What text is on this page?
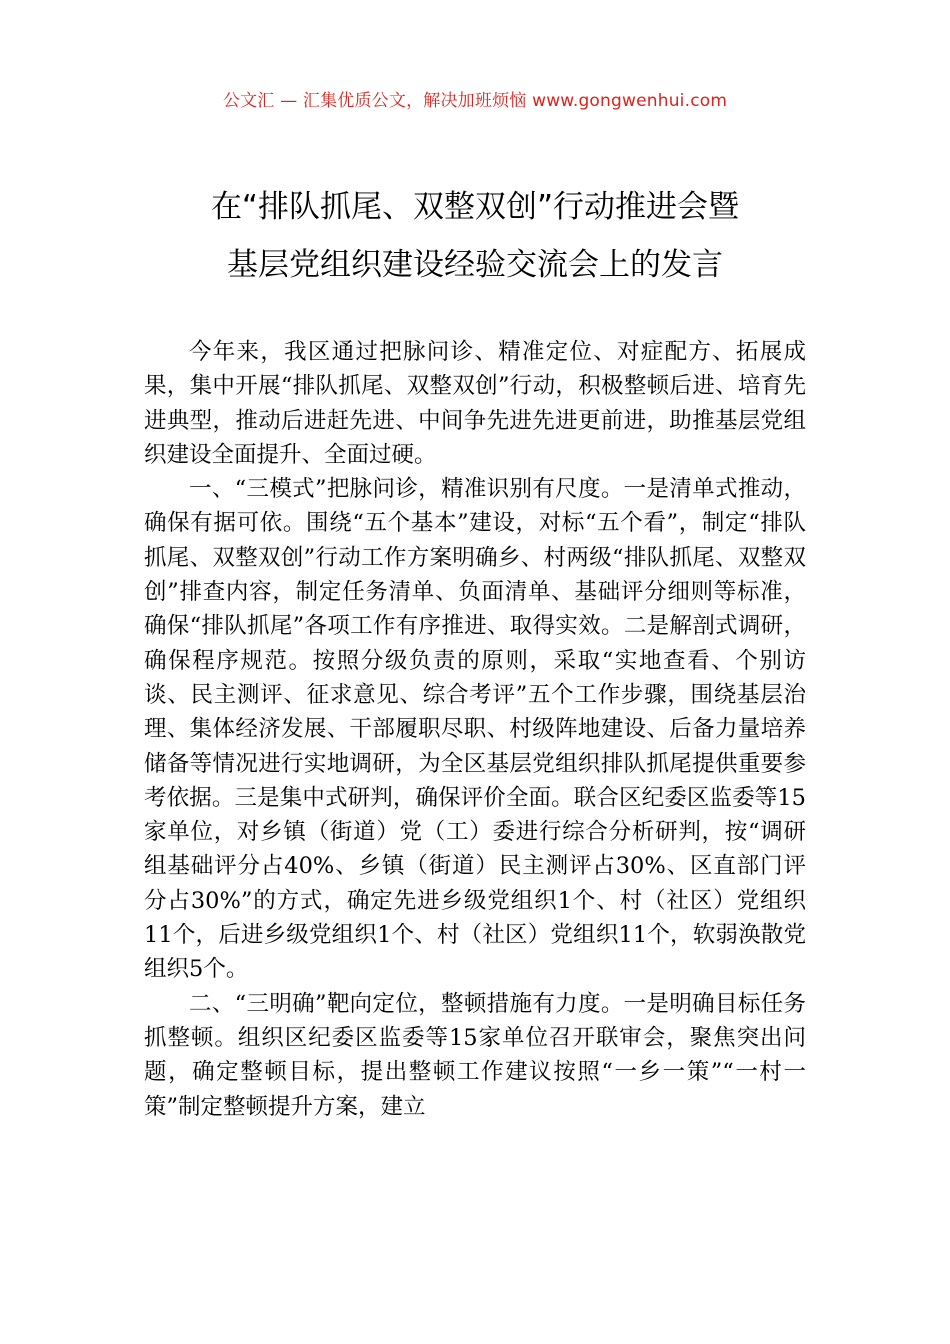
公文汇 — 汇集优质公文，解决加班烦恼 www.gongwenhui.com
在“排队抓尾、双整双创”行动推进会暨
基层党组织建设经验交流会上的发言

今年来，我区通过把脉问诊、精准定位、对症配方、拓展成果，集中开展“排队抓尾、双整双创”行动，积极整顿后进、培育先进典型，推动后进赶先进、中间争先进先进更前进，助推基层党组织建设全面提升、全面过硬。

一、“三模式”把脉问诊，精准识别有尺度。一是清单式推动，确保有据可依。围绕“五个基本”建设，对标“五个看”，制定“排队抓尾、双整双创”行动工作方案明确乡、村两级“排队抓尾、双整双创”排查内容，制定任务清单、负面清单、基础评分细则等标准，确保“排队抓尾”各项工作有序推进、取得实效。二是解剖式调研，确保程序规范。按照分级负责的原则，采取“实地查看、个别访谈、民主测评、征求意见、综合考评”五个工作步骤，围绕基层治理、集体经济发展、干部履职尽职、村级阵地建设、后备力量培养储备等情况进行实地调研，为全区基层党组织排队抓尾提供重要参考依据。三是集中式研判，确保评价全面。联合区纪委区监委等15家单位，对乡镇（街道）党（工）委进行综合分析研判，按“调研组基础评分占40%、乡镇（街道）民主测评占30%、区直部门评分占30%”的方式，确定先进乡级党组织1个、村（社区）党组织11个，后进乡级党组织1个、村（社区）党组织11个，软弱涣散党组织5个。

二、“三明确”靶向定位，整顿措施有力度。一是明确目标任务抓整顿。组织区纪委区监委等15家单位召开联审会，聚焦突出问题，确定整顿目标，提出整顿工作建议按照“一乡一策”“一村一策”制定整顿提升方案，建立
